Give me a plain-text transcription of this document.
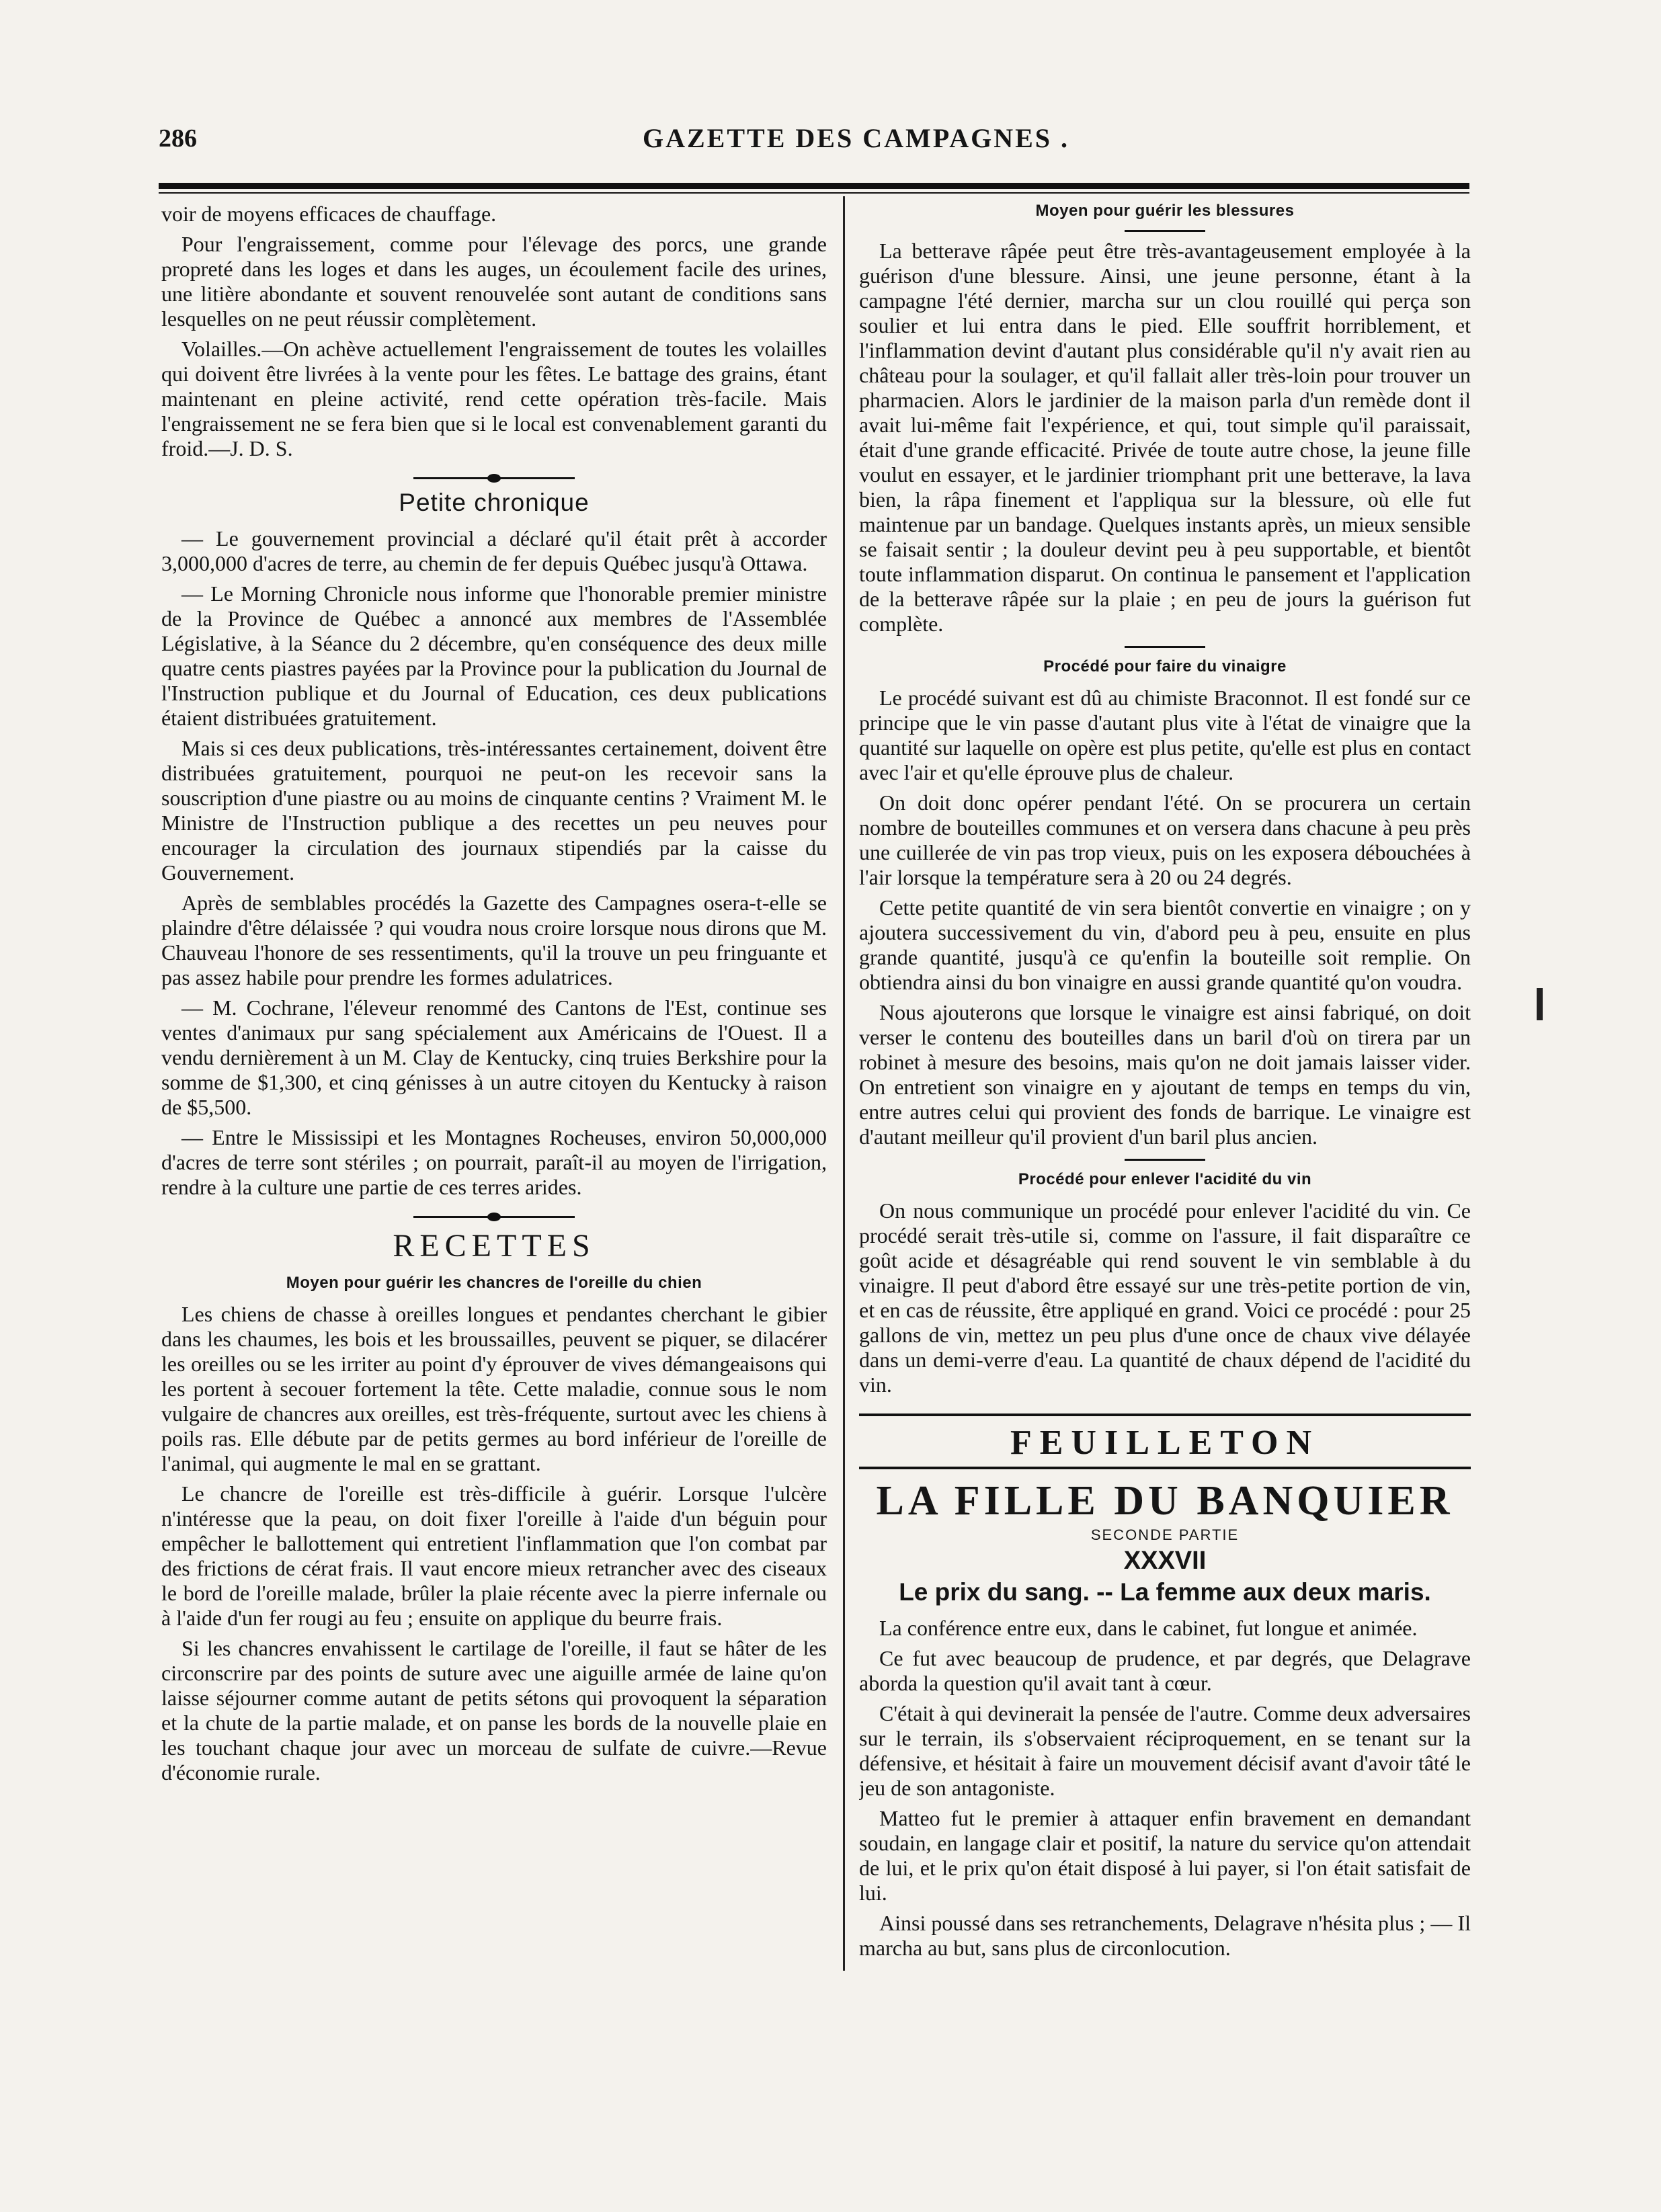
286	GAZETTE DES CAMPAGNES .

voir de moyens efficaces de chauffage.

Pour l'engraissement, comme pour l'élevage des porcs, une grande propreté dans les loges et dans les auges, un écoulement facile des urines, une litière abondante et souvent renouvelée sont autant de conditions sans lesquelles on ne peut réussir complètement.

Volailles.—On achève actuellement l'engraissement de toutes les volailles qui doivent être livrées à la vente pour les fêtes. Le battage des grains, étant maintenant en pleine activité, rend cette opération très-facile. Mais l'engraissement ne se fera bien que si le local est convenablement garanti du froid.—J. D. S.

Petite chronique

— Le gouvernement provincial a déclaré qu'il était prêt à accorder 3,000,000 d'acres de terre, au chemin de fer depuis Québec jusqu'à Ottawa.

— Le Morning Chronicle nous informe que l'honorable premier ministre de la Province de Québec a annoncé aux membres de l'Assemblée Législative, à la Séance du 2 décembre, qu'en conséquence des deux mille quatre cents piastres payées par la Province pour la publication du Journal de l'Instruction publique et du Journal of Education, ces deux publications étaient distribuées gratuitement.

Mais si ces deux publications, très-intéressantes certainement, doivent être distribuées gratuitement, pourquoi ne peut-on les recevoir sans la souscription d'une piastre ou au moins de cinquante centins ? Vraiment M. le Ministre de l'Instruction publique a des recettes un peu neuves pour encourager la circulation des journaux stipendiés par la caisse du Gouvernement.

Après de semblables procédés la Gazette des Campagnes osera-t-elle se plaindre d'être délaissée ? qui voudra nous croire lorsque nous dirons que M. Chauveau l'honore de ses ressentiments, qu'il la trouve un peu fringuante et pas assez habile pour prendre les formes adulatrices.

— M. Cochrane, l'éleveur renommé des Cantons de l'Est, continue ses ventes d'animaux pur sang spécialement aux Américains de l'Ouest. Il a vendu dernièrement à un M. Clay de Kentucky, cinq truies Berkshire pour la somme de $1,300, et cinq génisses à un autre citoyen du Kentucky à raison de $5,500.

— Entre le Mississipi et les Montagnes Rocheuses, environ 50,000,000 d'acres de terre sont stériles ; on pourrait, paraît-il au moyen de l'irrigation, rendre à la culture une partie de ces terres arides.

RECETTES
Moyen pour guérir les chancres de l'oreille du chien

Les chiens de chasse à oreilles longues et pendantes cherchant le gibier dans les chaumes, les bois et les broussailles, peuvent se piquer, se dilacérer les oreilles ou se les irriter au point d'y éprouver de vives démangeaisons qui les portent à secouer fortement la tête. Cette maladie, connue sous le nom vulgaire de chancres aux oreilles, est très-fréquente, surtout avec les chiens à poils ras. Elle débute par de petits germes au bord inférieur de l'oreille de l'animal, qui augmente le mal en se grattant.

Le chancre de l'oreille est très-difficile à guérir. Lorsque l'ulcère n'intéresse que la peau, on doit fixer l'oreille à l'aide d'un béguin pour empêcher le ballottement qui entretient l'inflammation que l'on combat par des frictions de cérat frais. Il vaut encore mieux retrancher avec des ciseaux le bord de l'oreille malade, brûler la plaie récente avec la pierre infernale ou à l'aide d'un fer rougi au feu ; ensuite on applique du beurre frais.

Si les chancres envahissent le cartilage de l'oreille, il faut se hâter de les circonscrire par des points de suture avec une aiguille armée de laine qu'on laisse séjourner comme autant de petits sétons qui provoquent la séparation et la chute de la partie malade, et on panse les bords de la nouvelle plaie en les touchant chaque jour avec un morceau de sulfate de cuivre.—Revue d'économie rurale.

Moyen pour guérir les blessures

La betterave râpée peut être très-avantageusement employée à la guérison d'une blessure. Ainsi, une jeune personne, étant à la campagne l'été dernier, marcha sur un clou rouillé qui perça son soulier et lui entra dans le pied. Elle souffrit horriblement, et l'inflammation devint d'autant plus considérable qu'il n'y avait rien au château pour la soulager, et qu'il fallait aller très-loin pour trouver un pharmacien. Alors le jardinier de la maison parla d'un remède dont il avait lui-même fait l'expérience, et qui, tout simple qu'il paraissait, était d'une grande efficacité. Privée de toute autre chose, la jeune fille voulut en essayer, et le jardinier triomphant prit une betterave, la lava bien, la râpa finement et l'appliqua sur la blessure, où elle fut maintenue par un bandage. Quelques instants après, un mieux sensible se faisait sentir ; la douleur devint peu à peu supportable, et bientôt toute inflammation disparut. On continua le pansement et l'application de la betterave râpée sur la plaie ; en peu de jours la guérison fut complète.

Procédé pour faire du vinaigre

Le procédé suivant est dû au chimiste Braconnot. Il est fondé sur ce principe que le vin passe d'autant plus vite à l'état de vinaigre que la quantité sur laquelle on opère est plus petite, qu'elle est plus en contact avec l'air et qu'elle éprouve plus de chaleur.

On doit donc opérer pendant l'été. On se procurera un certain nombre de bouteilles communes et on versera dans chacune à peu près une cuillerée de vin pas trop vieux, puis on les exposera débouchées à l'air lorsque la température sera à 20 ou 24 degrés.

Cette petite quantité de vin sera bientôt convertie en vinaigre ; on y ajoutera successivement du vin, d'abord peu à peu, ensuite en plus grande quantité, jusqu'à ce qu'enfin la bouteille soit remplie. On obtiendra ainsi du bon vinaigre en aussi grande quantité qu'on voudra.

Nous ajouterons que lorsque le vinaigre est ainsi fabriqué, on doit verser le contenu des bouteilles dans un baril d'où on tirera par un robinet à mesure des besoins, mais qu'on ne doit jamais laisser vider. On entretient son vinaigre en y ajoutant de temps en temps du vin, entre autres celui qui provient des fonds de barrique. Le vinaigre est d'autant meilleur qu'il provient d'un baril plus ancien.

Procédé pour enlever l'acidité du vin

On nous communique un procédé pour enlever l'acidité du vin. Ce procédé serait très-utile si, comme on l'assure, il fait disparaître ce goût acide et désagréable qui rend souvent le vin semblable à du vinaigre. Il peut d'abord être essayé sur une très-petite portion de vin, et en cas de réussite, être appliqué en grand. Voici ce procédé : pour 25 gallons de vin, mettez un peu plus d'une once de chaux vive délayée dans un demi-verre d'eau. La quantité de chaux dépend de l'acidité du vin.

FEUILLETON
LA FILLE DU BANQUIER
SECONDE PARTIE
XXXVII
Le prix du sang. -- La femme aux deux maris.

La conférence entre eux, dans le cabinet, fut longue et animée.

Ce fut avec beaucoup de prudence, et par degrés, que Delagrave aborda la question qu'il avait tant à cœur.

C'était à qui devinerait la pensée de l'autre. Comme deux adversaires sur le terrain, ils s'observaient réciproquement, en se tenant sur la défensive, et hésitait à faire un mouvement décisif avant d'avoir tâté le jeu de son antagoniste.

Matteo fut le premier à attaquer enfin bravement en demandant soudain, en langage clair et positif, la nature du service qu'on attendait de lui, et le prix qu'on était disposé à lui payer, si l'on était satisfait de lui.

Ainsi poussé dans ses retranchements, Delagrave n'hésita plus ; — Il marcha au but, sans plus de circonlocution.
